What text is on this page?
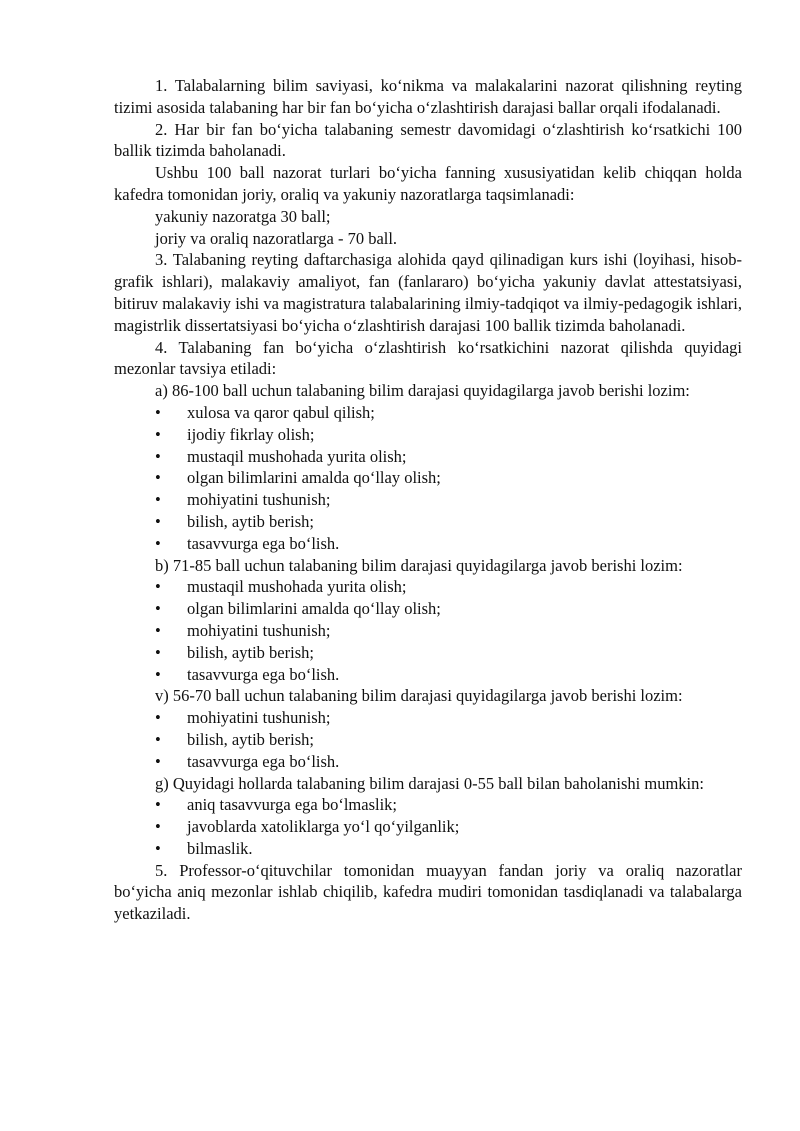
1. Talabalarning bilim saviyasi, ko‘nikma va malakalarini nazorat qilishning reyting tizimi asosida talabaning har bir fan bo‘yicha o‘zlashtirish darajasi ballar orqali ifodalanadi.

2. Har bir fan bo‘yicha talabaning semestr davomidagi o‘zlashtirish ko‘rsatkichi 100 ballik tizimda baholanadi.

Ushbu 100 ball nazorat turlari bo‘yicha fanning xususiyatidan kelib chiqqan holda kafedra tomonidan joriy, oraliq va yakuniy nazoratlarga taqsimlanadi:

yakuniy nazoratga 30 ball;

joriy va oraliq nazoratlarga - 70 ball.

3. Talabaning reyting daftarchasiga alohida qayd qilinadigan kurs ishi (loyihasi, hisob-grafik ishlari), malakaviy amaliyot, fan (fanlararo) bo‘yicha yakuniy davlat attestatsiyasi, bitiruv malakaviy ishi va magistratura talabalarining ilmiy-tadqiqot va ilmiy-pedagogik ishlari, magistrlik dissertatsiyasi bo‘yicha o‘zlashtirish darajasi 100 ballik tizimda baholanadi.

4. Talabaning fan bo‘yicha o‘zlashtirish ko‘rsatkichini nazorat qilishda quyidagi mezonlar tavsiya etiladi:

a) 86-100 ball uchun talabaning bilim darajasi quyidagilarga javob berishi lozim:

• xulosa va qaror qabul qilish;
• ijodiy fikrlay olish;
• mustaqil mushohada yurita olish;
• olgan bilimlarini amalda qo‘llay olish;
• mohiyatini tushunish;
• bilish, aytib berish;
• tasavvurga ega bo‘lish.

b) 71-85 ball uchun talabaning bilim darajasi quyidagilarga javob berishi lozim:

• mustaqil mushohada yurita olish;
• olgan bilimlarini amalda qo‘llay olish;
• mohiyatini tushunish;
• bilish, aytib berish;
• tasavvurga ega bo‘lish.

v) 56-70 ball uchun talabaning bilim darajasi quyidagilarga javob berishi lozim:

• mohiyatini tushunish;
• bilish, aytib berish;
• tasavvurga ega bo‘lish.

g) Quyidagi hollarda talabaning bilim darajasi 0-55 ball bilan baholanishi mumkin:

• aniq tasavvurga ega bo‘lmaslik;
• javoblarda xatoliklarga yo‘l qo‘yilganlik;
• bilmaslik.

5. Professor-o‘qituvchilar tomonidan muayyan fandan joriy va oraliq nazoratlar bo‘yicha aniq mezonlar ishlab chiqilib, kafedra mudiri tomonidan tasdiqlanadi va talabalarga yetkaziladi.
